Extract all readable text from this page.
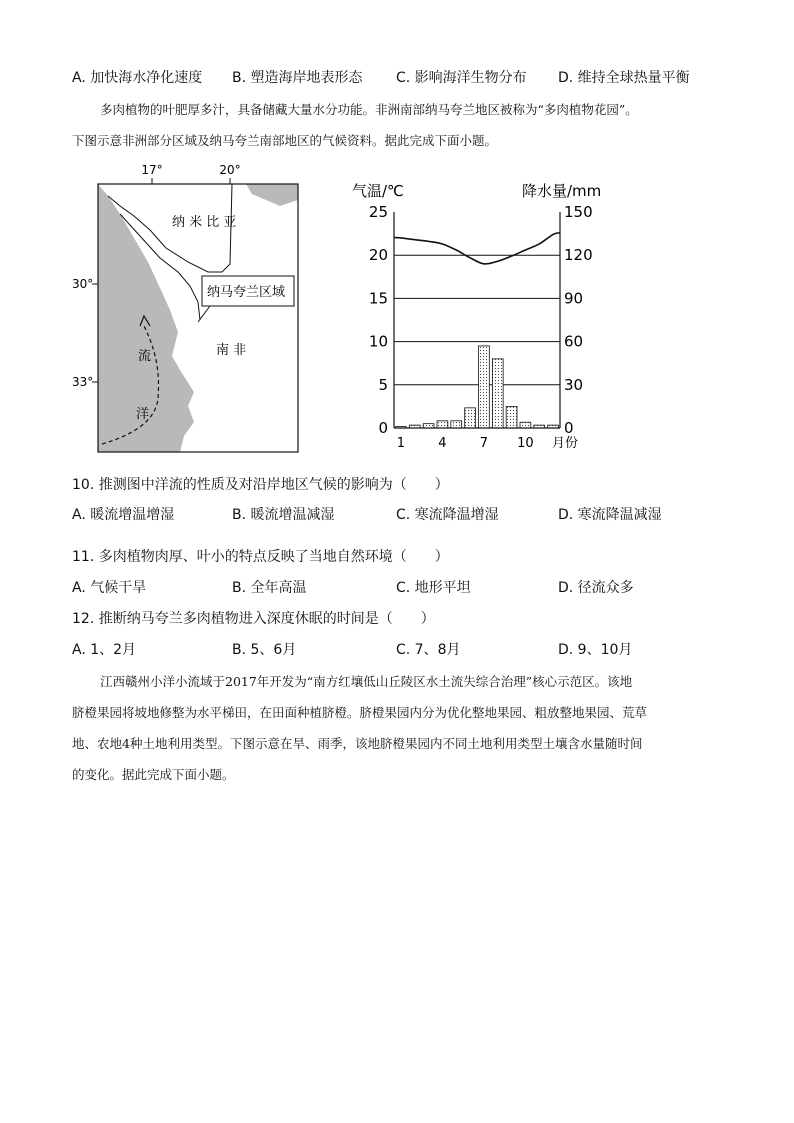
A. 加快海水净化速度 B. 塑造海岸地表形态 C. 影响海洋生物分布 D. 维持全球热量平衡
多肉植物的叶肥厚多汁，具备储藏大量水分功能。非洲南部纳马夸兰地区被称为“多肉植物花园”。
下图示意非洲部分区域及纳马夸兰南部地区的气候资料。据此完成下面小题。
17°	20°
30°
33°
纳 米 比 亚
纳马夸兰区域
南 非
流
洋
气温/℃	降水量/mm
0	0
5	30
10	60
15	90
20	120
25	150
1	4	7 10 月份
10. 推测图中洋流的性质及对沿岸地区气候的影响为（　　）
A. 暖流增温增湿	B. 暖流增温减湿	C. 寒流降温增湿	D. 寒流降温减湿
11. 多肉植物肉厚、叶小的特点反映了当地自然环境（　　）
A. 气候干旱	B. 全年高温	C. 地形平坦	D. 径流众多
12. 推断纳马夸兰多肉植物进入深度休眠的时间是（　　）
A. 1、2月	B. 5、6月	C. 7、8月	D. 9、10月
江西赣州小洋小流域于2017年开发为“南方红壤低山丘陵区水土流失综合治理”核心示范区。该地
脐橙果园将坡地修整为水平梯田，在田面种植脐橙。脐橙果园内分为优化整地果园、粗放整地果园、荒草
地、农地4种土地利用类型。下图示意在旱、雨季，该地脐橙果园内不同土地利用类型土壤含水量随时间
的变化。据此完成下面小题。
